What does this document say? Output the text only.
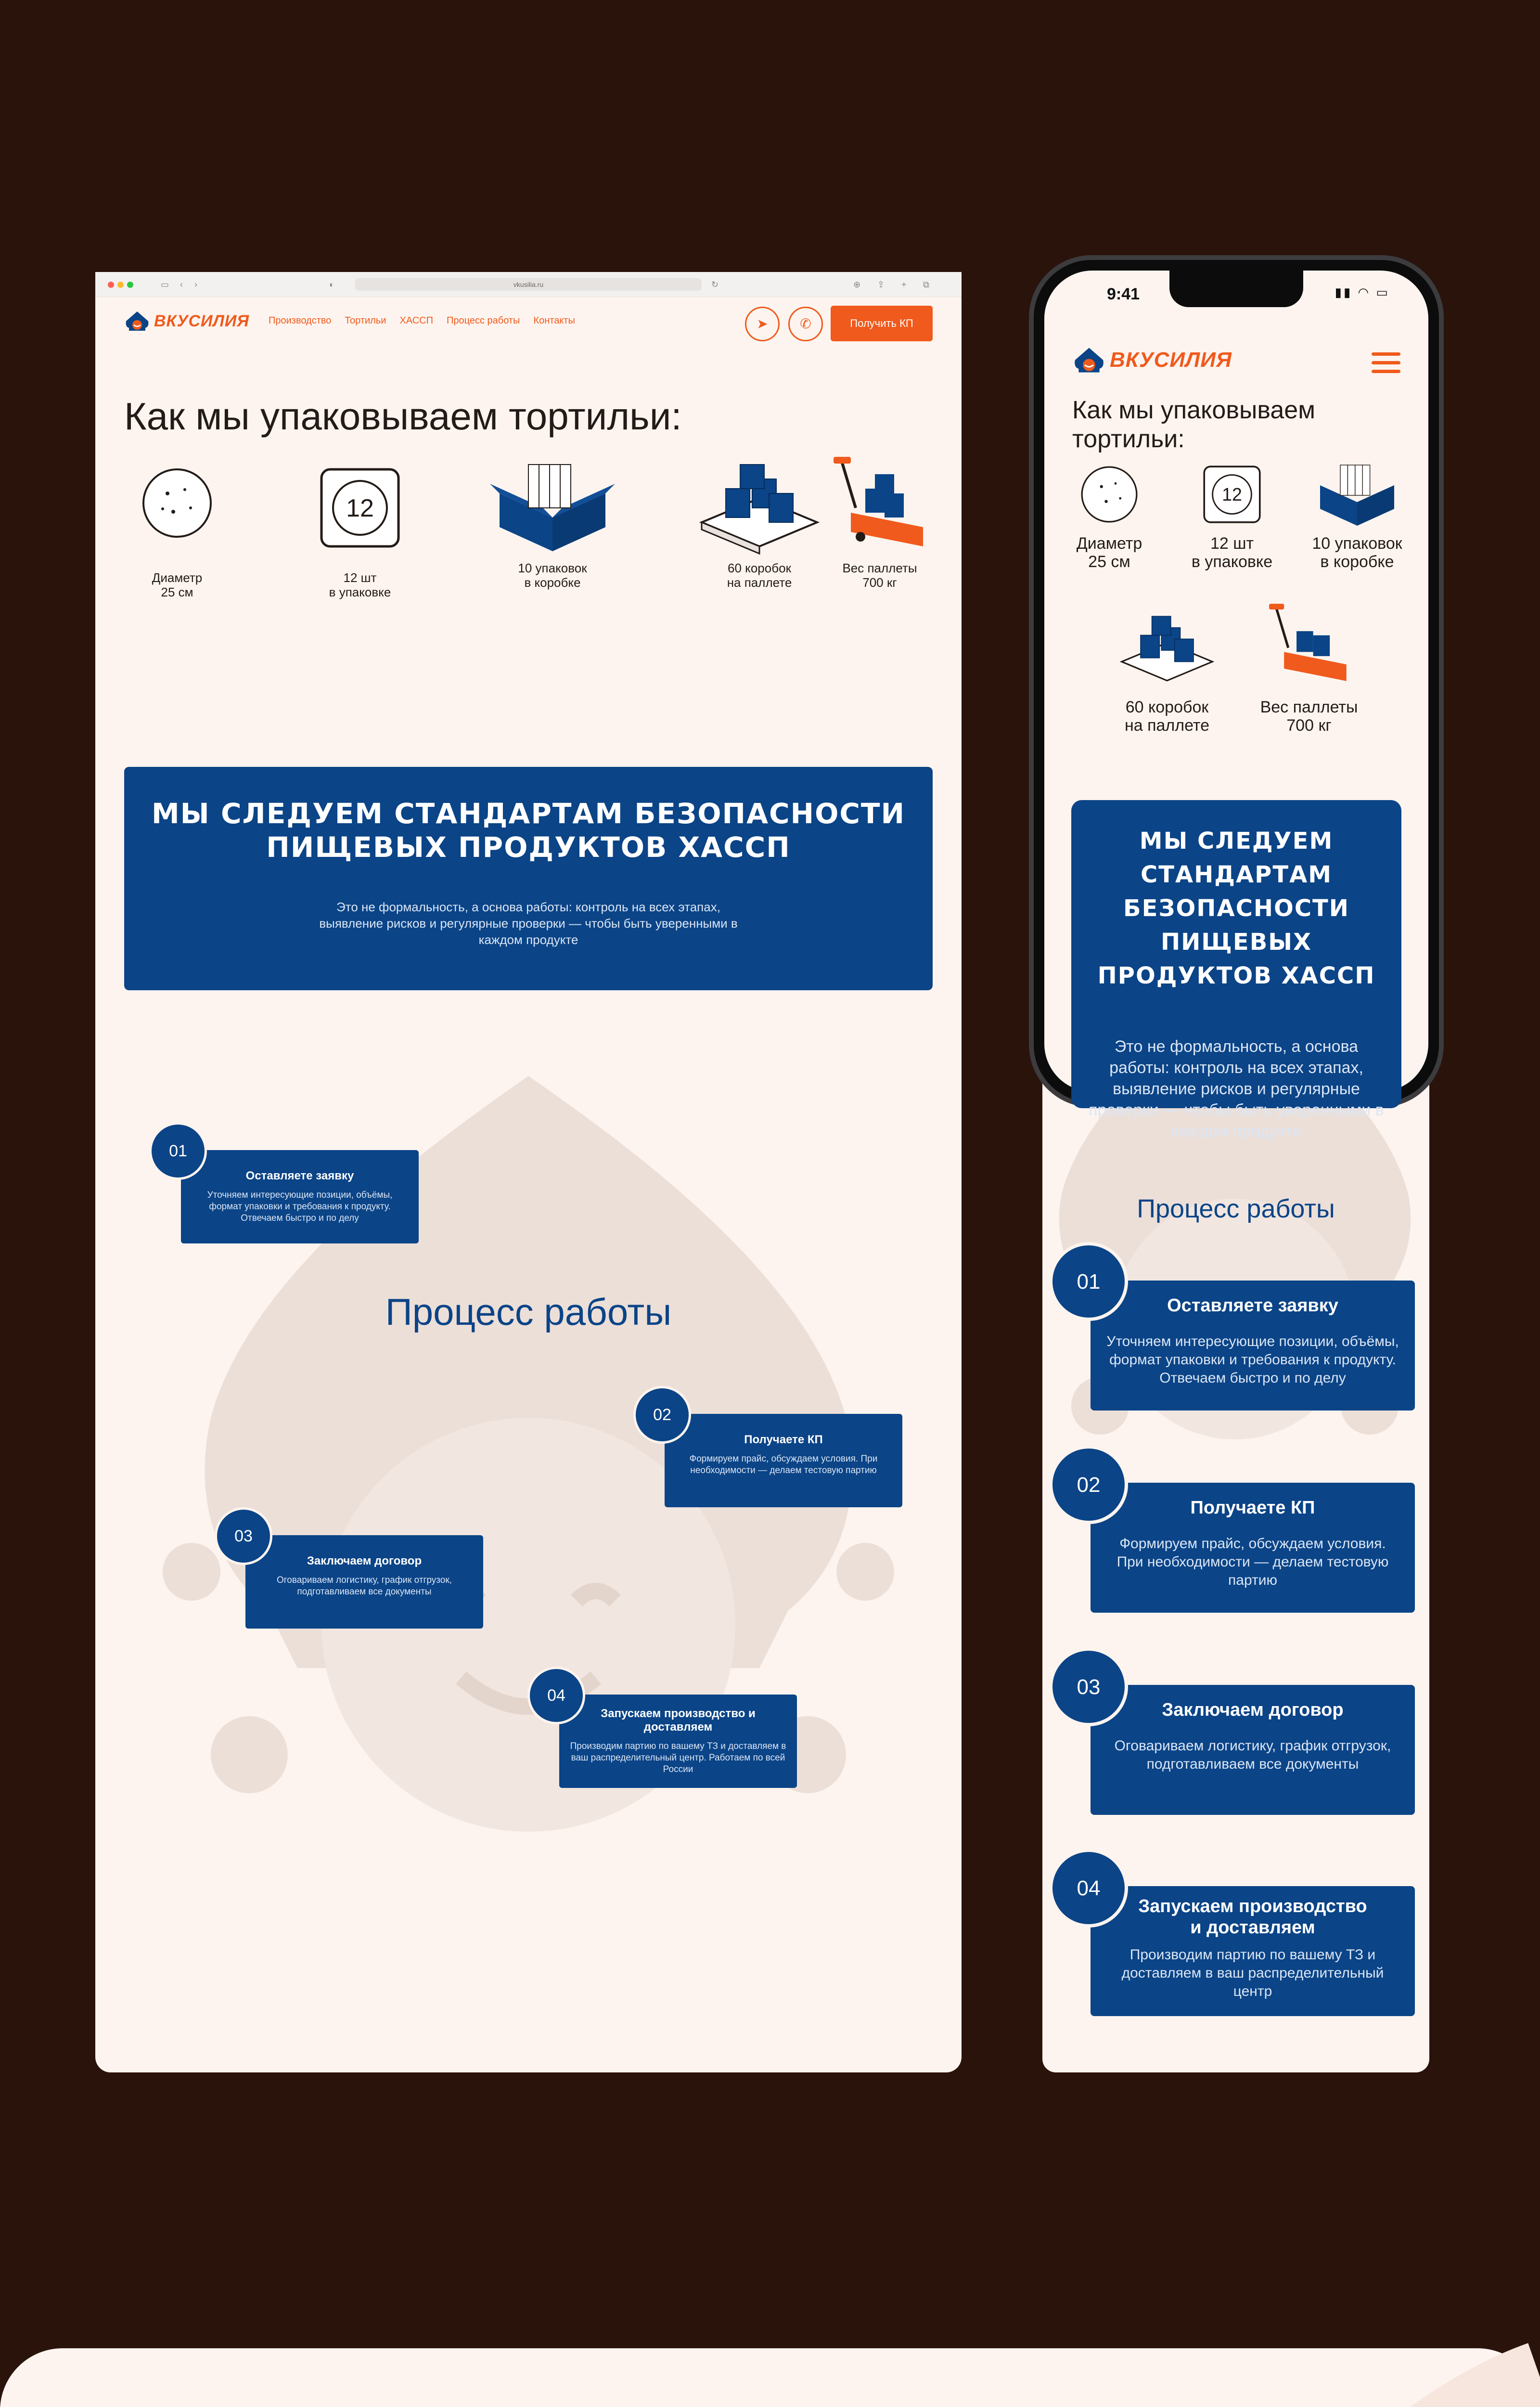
▭ ‹ ›	◐	vkusilia.ru	↻	⊕ ⇪ + ⧉
ВКУСИЛИЯ Производство Тортильи ХАССП Процесс работы Контакты	➤	✆	Получить КП
Как мы упаковываем тортильи:
Диаметр
25 см
12
12 шт
в упаковке
10 упаковок
в коробке
60 коробок
на паллете
Вес паллеты
700 кг
МЫ СЛЕДУЕМ СТАНДАРТАМ БЕЗОПАСНОСТИ ПИЩЕВЫХ ПРОДУКТОВ ХАССП
Это не формальность, а основа работы: контроль на всех этапах, выявление рисков и регулярные проверки — чтобы быть уверенными в каждом продукте
Процесс работы
Оставляете заявку
Уточняем интересующие позиции, объёмы, формат упаковки и требования к продукту. Отвечаем быстро и по делу
01
Получаете КП
Формируем прайс, обсуждаем условия. При необходимости — делаем тестовую партию
02
Заключаем договор
Оговариваем логистику, график отгрузок, подготавливаем все документы
03
Запускаем производство и доставляем
Производим партию по вашему ТЗ и доставляем в ваш распределительный центр. Работаем по всей России
04
Процесс работы
Оставляете заявку
Уточняем интересующие позиции, объёмы, формат упаковки и требования к продукту. Отвечаем быстро и по делу
01
Получаете КП
Формируем прайс, обсуждаем условия. При необходимости — делаем тестовую партию
02
Заключаем договор
Оговариваем логистику, график отгрузок, подготавливаем все документы
03
Запускаем производство
и доставляем
Производим партию по вашему ТЗ и доставляем в ваш распределительный центр
04
9:41	▮▮ ◠ ▭
ВКУСИЛИЯ
Как мы упаковываем тортильи:
Диаметр
25 см
12
12 шт
в упаковке
10 упаковок
в коробке
60 коробок
на паллете
Вес паллеты
700 кг
МЫ СЛЕДУЕМ СТАНДАРТАМ БЕЗОПАСНОСТИ ПИЩЕВЫХ ПРОДУКТОВ ХАССП
Это не формальность, а основа работы: контроль на всех этапах, выявление рисков и регулярные проверки — чтобы быть уверенными в каждом продукте
